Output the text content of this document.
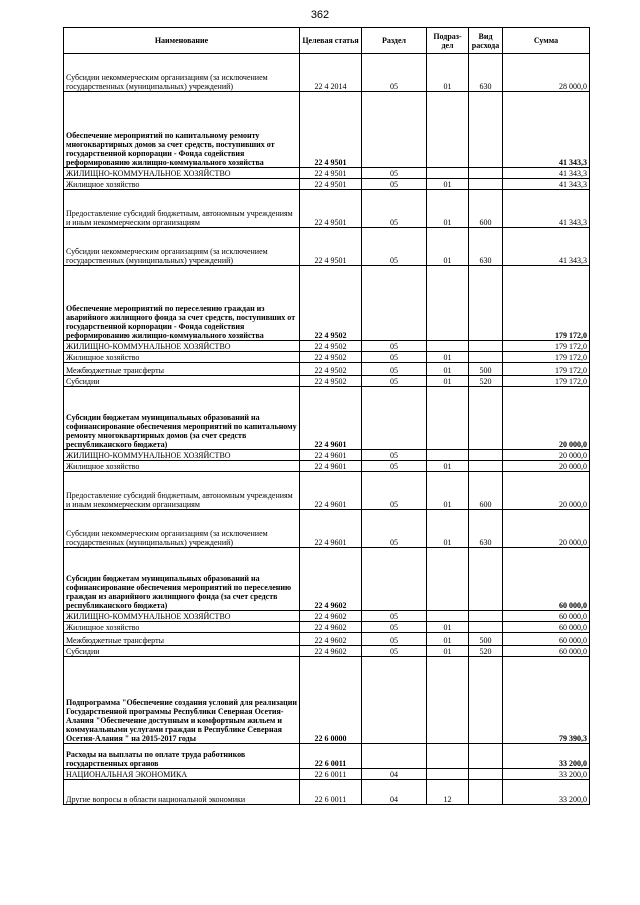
362
Наименование	Целевая статья	Раздел	Подраз-дел	Вид расхода	Сумма
Субсидии некоммерческим организациям (за исключением государственных (муниципальных) учреждений)	22 4 2014	05	01	630	28 000,0
Обеспечение мероприятий по капитальному ремонту многоквартирных домов за счет средств, поступивших от государственной корпорации - Фонда содействия реформированию жилищно-коммунального хозяйства	22 4 9501				41 343,3
ЖИЛИЩНО-КОММУНАЛЬНОЕ ХОЗЯЙСТВО	22 4 9501	05			41 343,3
Жилищное хозяйство	22 4 9501	05	01		41 343,3
Предоставление субсидий бюджетным, автономным учреждениям и иным некоммерческим организациям	22 4 9501	05	01	600	41 343,3
Субсидии некоммерческим организациям (за исключением государственных (муниципальных) учреждений)	22 4 9501	05	01	630	41 343,3
Обеспечение мероприятий по переселению граждан из аварийного жилищного фонда за счет средств, поступивших от государственной корпорации - Фонда содействия реформированию жилищно-коммунального хозяйства	22 4 9502				179 172,0
ЖИЛИЩНО-КОММУНАЛЬНОЕ ХОЗЯЙСТВО	22 4 9502	05			179 172,0
Жилищное хозяйство	22 4 9502	05	01		179 172,0
Межбюджетные трансферты	22 4 9502	05	01	500	179 172,0
Субсидии	22 4 9502	05	01	520	179 172,0
Субсидии бюджетам муниципальных образований на софинансирование обеспечения мероприятий по капитальному ремонту многоквартирных домов (за счет средств республиканского бюджета)	22 4 9601				20 000,0
ЖИЛИЩНО-КОММУНАЛЬНОЕ ХОЗЯЙСТВО	22 4 9601	05			20 000,0
Жилищное хозяйство	22 4 9601	05	01		20 000,0
Предоставление субсидий бюджетным, автономным учреждениям и иным некоммерческим организациям	22 4 9601	05	01	600	20 000,0
Субсидии некоммерческим организациям (за исключением государственных (муниципальных) учреждений)	22 4 9601	05	01	630	20 000,0
Субсидии бюджетам муниципальных образований на софинансирование обеспечения мероприятий по переселению граждан из аварийного жилищного фонда (за счет средств республиканского бюджета)	22 4 9602				60 000,0
ЖИЛИЩНО-КОММУНАЛЬНОЕ ХОЗЯЙСТВО	22 4 9602	05			60 000,0
Жилищное хозяйство	22 4 9602	05	01		60 000,0
Межбюджетные трансферты	22 4 9602	05	01	500	60 000,0
Субсидии	22 4 9602	05	01	520	60 000,0
Подпрограмма "Обеспечение создания условий для реализации Государственной программы Республики Северная Осетия-Алания "Обеспечение доступным и комфортным жильем и коммунальными услугами граждан в Республике Северная Осетия-Алания " на 2015-2017 годы	22 6 0000				79 390,3
Расходы на выплаты по оплате труда работников государственных органов	22 6 0011				33 200,0
НАЦИОНАЛЬНАЯ ЭКОНОМИКА	22 6 0011	04			33 200,0
Другие вопросы в области национальной экономики	22 6 0011	04	12		33 200,0
